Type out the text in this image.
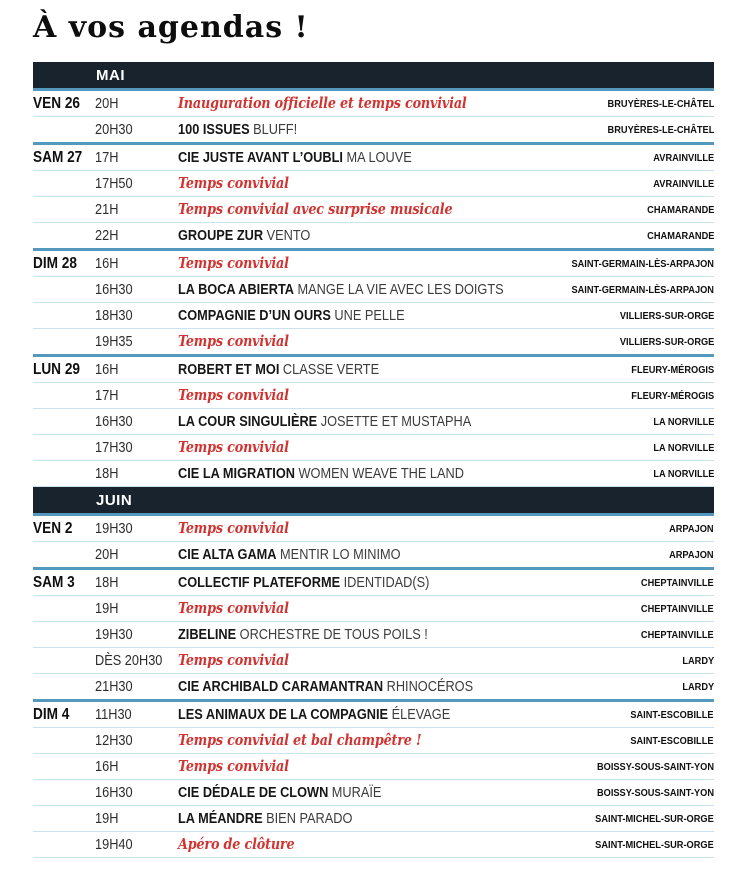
À vos agendas !
MAI
VEN 26	20H	Inauguration officielle et temps convivial	BRUYÈRES-LE-CHÂTEL
20H30	100 ISSUES BLUFF!	BRUYÈRES-LE-CHÂTEL
SAM 27 17H	CIE JUSTE AVANT L’OUBLI MA LOUVE	AVRAINVILLE
17H50	Temps convivial	AVRAINVILLE
21H	Temps convivial avec surprise musicale	CHAMARANDE
22H	GROUPE ZUR VENTO	CHAMARANDE
DIM 28	16H	Temps convivial	SAINT-GERMAIN-LÈS-ARPAJON
16H30	LA BOCA ABIERTA MANGE LA VIE AVEC LES DOIGTS	SAINT-GERMAIN-LÈS-ARPAJON
18H30	COMPAGNIE D’UN OURS UNE PELLE	VILLIERS-SUR-ORGE
19H35	Temps convivial	VILLIERS-SUR-ORGE
LUN 29	16H	ROBERT ET MOI CLASSE VERTE	FLEURY-MÉROGIS
17H	Temps convivial	FLEURY-MÉROGIS
16H30	LA COUR SINGULIÈRE JOSETTE ET MUSTAPHA	LA NORVILLE
17H30	Temps convivial	LA NORVILLE
18H	CIE LA MIGRATION WOMEN WEAVE THE LAND	LA NORVILLE
JUIN
VEN 2	19H30	Temps convivial	ARPAJON
20H	CIE ALTA GAMA MENTIR LO MINIMO	ARPAJON
SAM 3	18H	COLLECTIF PLATEFORME IDENTIDAD(S)	CHEPTAINVILLE
19H	Temps convivial	CHEPTAINVILLE
19H30	ZIBELINE ORCHESTRE DE TOUS POILS !	CHEPTAINVILLE
DÈS 20H30	Temps convivial	LARDY
21H30	CIE ARCHIBALD CARAMANTRAN RHINOCÉROS	LARDY
DIM 4	11H30	LES ANIMAUX DE LA COMPAGNIE ÉLEVAGE	SAINT-ESCOBILLE
12H30	Temps convivial et bal champêtre !	SAINT-ESCOBILLE
16H	Temps convivial	BOISSY-SOUS-SAINT-YON
16H30	CIE DÉDALE DE CLOWN MURAÏE	BOISSY-SOUS-SAINT-YON
19H	LA MÉANDRE BIEN PARADO	SAINT-MICHEL-SUR-ORGE
19H40	Apéro de clôture	SAINT-MICHEL-SUR-ORGE
